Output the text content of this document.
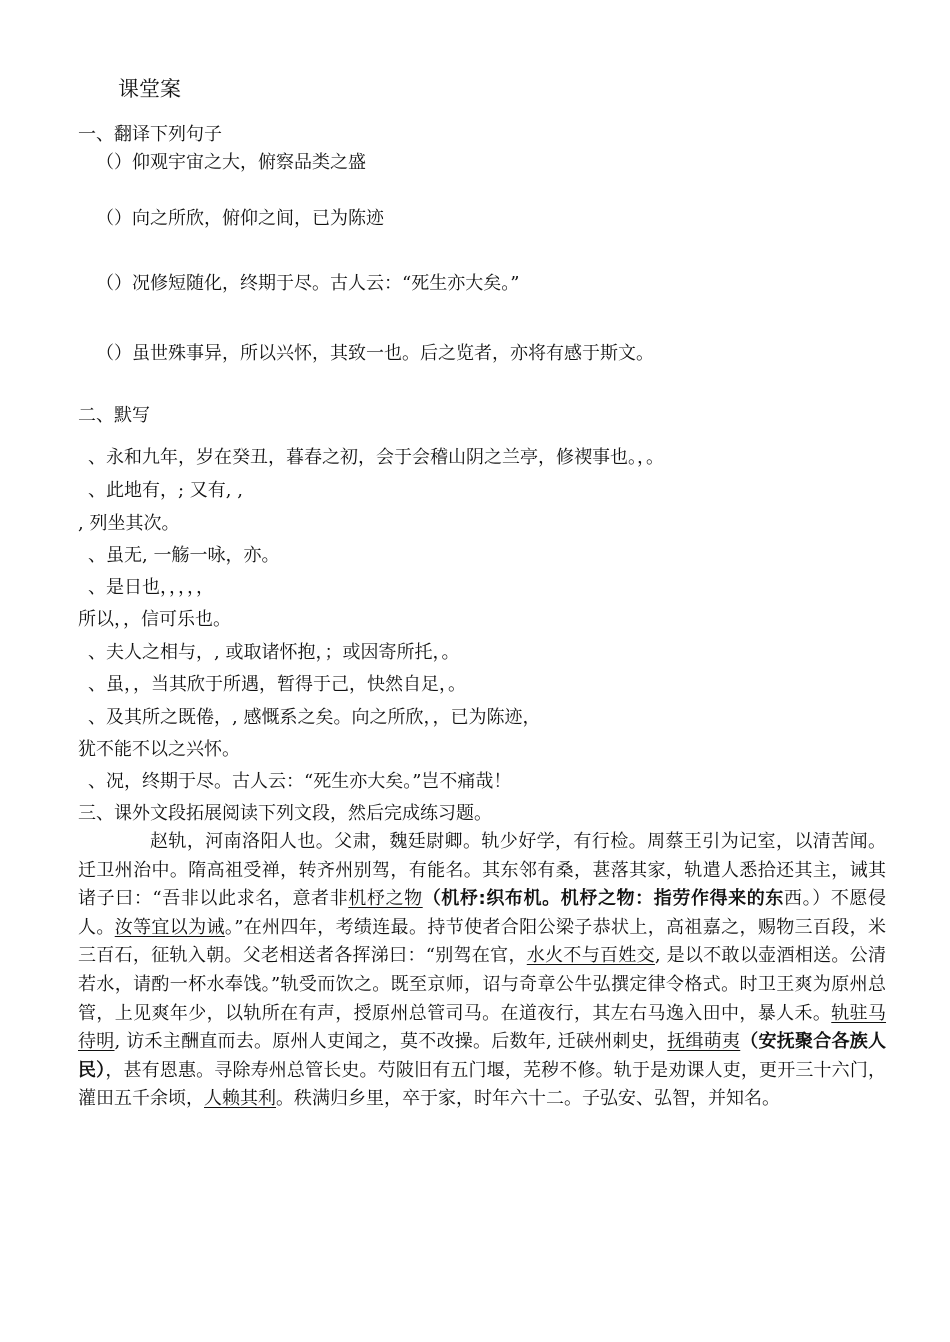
课堂案
一、翻译下列句子
（）仰观宇宙之大，俯察品类之盛
（）向之所欣，俯仰之间，已为陈迹
（）况修短随化，终期于尽。古人云：“死生亦大矣。”
（）虽世殊事异，所以兴怀，其致一也。后之览者，亦将有感于斯文。
二、默写
、永和九年，岁在癸丑，暮春之初，会于会稽山阴之兰亭，修禊事也。，。
、此地有，; 又有, ,
, 列坐其次。
、虽无, 一觞一咏，亦。
、是日也，，，，，
所以，，信可乐也。
、夫人之相与，, 或取诸怀抱，；或因寄所托，。
、虽，，当其欣于所遇，暂得于己，快然自足，。
、及其所之既倦，, 感慨系之矣。向之所欣，，已为陈迹，
犹不能不以之兴怀。
、况，终期于尽。古人云：“死生亦大矣。”岂不痛哉！
三、课外文段拓展阅读下列文段，然后完成练习题。
赵轨，河南洛阳人也。父肃，魏廷尉卿。轨少好学，有行检。周蔡王引为记室，以清苦闻。迁卫州治中。隋高祖受禅，转齐州别驾，有能名。其东邻有桑，葚落其家，轨遣人悉拾还其主，诫其诸子曰：“吾非以此求名，意者非机杼之物（机杼:织布机。机杼之物：指劳作得来的东西。）不愿侵人。汝等宜以为诫。”在州四年，考绩连最。持节使者合阳公梁子恭状上，高祖嘉之，赐物三百段，米三百石，征轨入朝。父老相送者各挥涕曰：“别驾在官，水火不与百姓交, 是以不敢以壶酒相送。公清若水，请酌一杯水奉饯。”轨受而饮之。既至京师，诏与奇章公牛弘撰定律令格式。时卫王爽为原州总管，上见爽年少，以轨所在有声，授原州总管司马。在道夜行，其左右马逸入田中，暴人禾。轨驻马待明, 访禾主酬直而去。原州人吏闻之，莫不改操。后数年, 迁硖州刺史，抚缉萌夷（安抚聚合各族人民），甚有恩惠。寻除寿州总管长史。芍陂旧有五门堰，芜秽不修。轨于是劝课人吏，更开三十六门，灌田五千余顷，人赖其利。秩满归乡里，卒于家，时年六十二。子弘安、弘智，并知名。
